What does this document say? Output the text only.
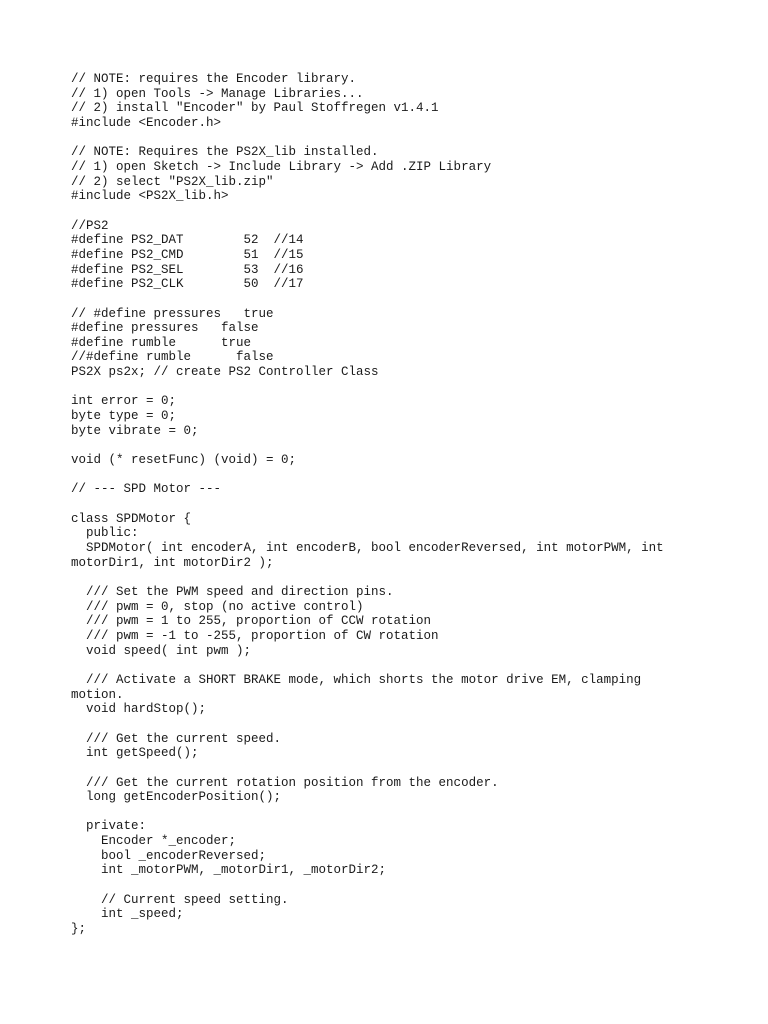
// NOTE: requires the Encoder library.
// 1) open Tools -> Manage Libraries...
// 2) install "Encoder" by Paul Stoffregen v1.4.1
#include <Encoder.h>
// NOTE: Requires the PS2X_lib installed.
// 1) open Sketch -> Include Library -> Add .ZIP Library
// 2) select "PS2X_lib.zip"
#include <PS2X_lib.h>
//PS2
#define PS2_DAT        52  //14
#define PS2_CMD        51  //15
#define PS2_SEL        53  //16
#define PS2_CLK        50  //17
// #define pressures   true
#define pressures   false
#define rumble      true
//#define rumble      false
PS2X ps2x; // create PS2 Controller Class
int error = 0;
byte type = 0;
byte vibrate = 0;
void (* resetFunc) (void) = 0;
// --- SPD Motor ---
class SPDMotor {
public:
SPDMotor( int encoderA, int encoderB, bool encoderReversed, int motorPWM, int
motorDir1, int motorDir2 );
/// Set the PWM speed and direction pins.
/// pwm = 0, stop (no active control)
/// pwm = 1 to 255, proportion of CCW rotation
/// pwm = -1 to -255, proportion of CW rotation
void speed( int pwm );
/// Activate a SHORT BRAKE mode, which shorts the motor drive EM, clamping
motion.
void hardStop();
/// Get the current speed.
int getSpeed();
/// Get the current rotation position from the encoder.
long getEncoderPosition();
private:
Encoder *_encoder;
bool _encoderReversed;
int _motorPWM, _motorDir1, _motorDir2;
// Current speed setting.
int _speed;
};
